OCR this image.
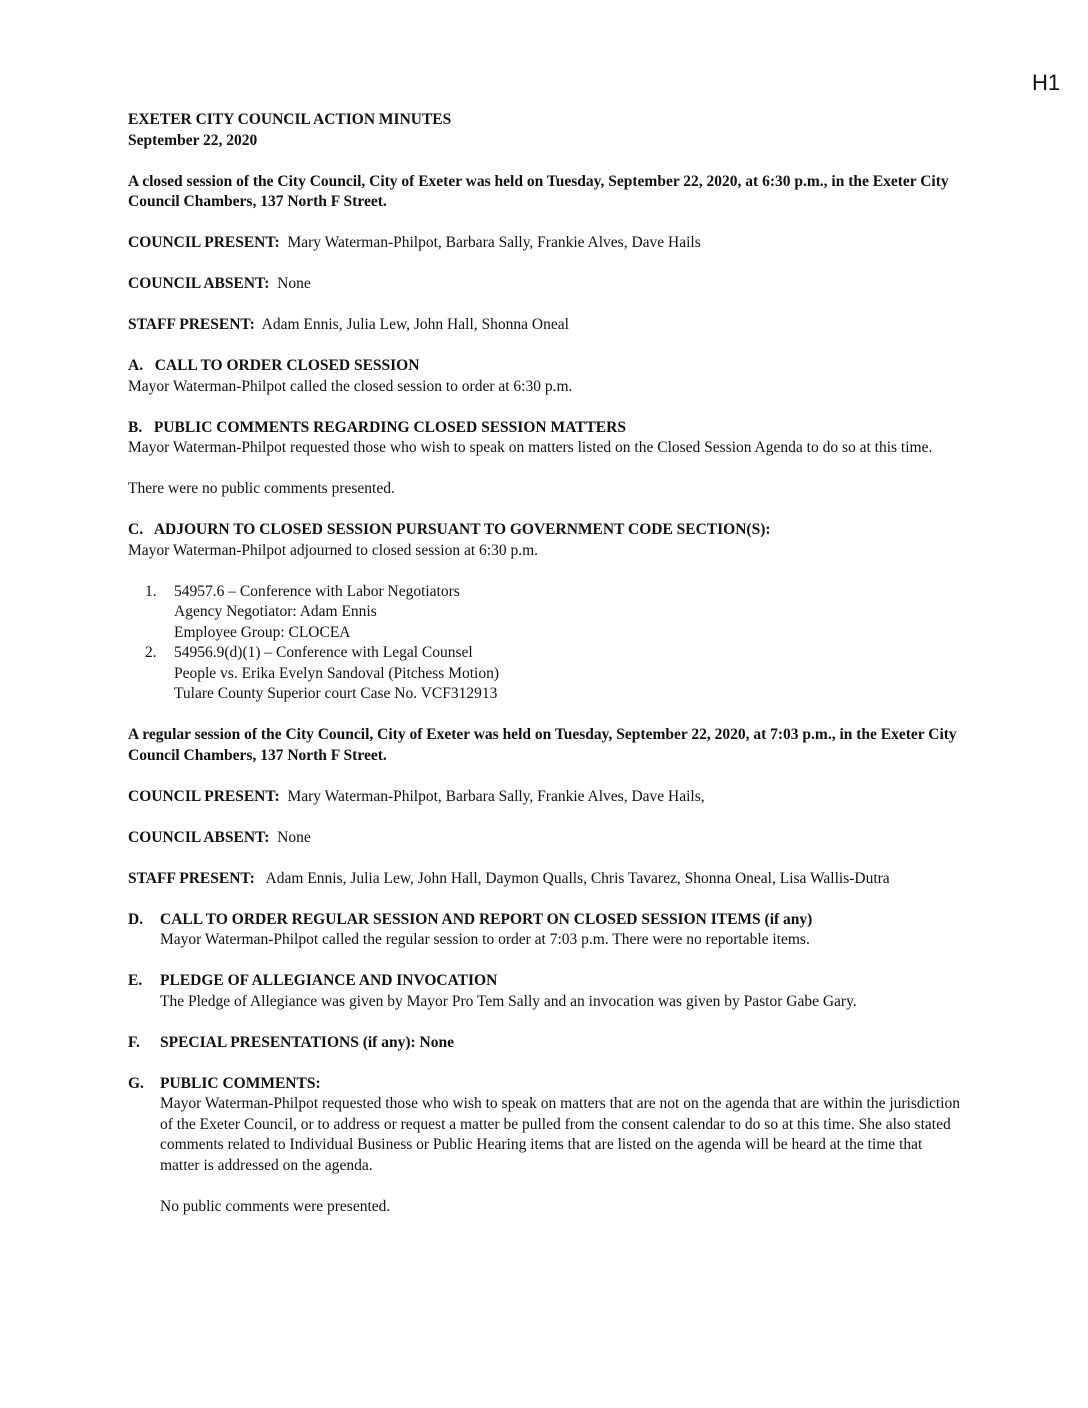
H1

EXETER CITY COUNCIL ACTION MINUTES

September 22, 2020

A closed session of the City Council, City of Exeter was held on Tuesday, September 22, 2020, at 6:30 p.m., in the Exeter City Council Chambers, 137 North F Street.

COUNCIL PRESENT: Mary Waterman-Philpot, Barbara Sally, Frankie Alves, Dave Hails

COUNCIL ABSENT: None

STAFF PRESENT: Adam Ennis, Julia Lew, John Hall, Shonna Oneal

A.   CALL TO ORDER CLOSED SESSION

Mayor Waterman-Philpot called the closed session to order at 6:30 p.m.

B.   PUBLIC COMMENTS REGARDING CLOSED SESSION MATTERS

Mayor Waterman-Philpot requested those who wish to speak on matters listed on the Closed Session Agenda to do so at this time.

There were no public comments presented.

C.   ADJOURN TO CLOSED SESSION PURSUANT TO GOVERNMENT CODE SECTION(S):

Mayor Waterman-Philpot adjourned to closed session at 6:30 p.m.

1.	54957.6 – Conference with Labor Negotiators

Agency Negotiator: Adam Ennis

Employee Group: CLOCEA

2.	54956.9(d)(1) – Conference with Legal Counsel

People vs. Erika Evelyn Sandoval (Pitchess Motion)

Tulare County Superior court Case No. VCF312913

A regular session of the City Council, City of Exeter was held on Tuesday, September 22, 2020, at 7:03 p.m., in the Exeter City Council Chambers, 137 North F Street.

COUNCIL PRESENT: Mary Waterman-Philpot, Barbara Sally, Frankie Alves, Dave Hails,

COUNCIL ABSENT: None

STAFF PRESENT: Adam Ennis, Julia Lew, John Hall, Daymon Qualls, Chris Tavarez, Shonna Oneal, Lisa Wallis-Dutra

D.	CALL TO ORDER REGULAR SESSION AND REPORT ON CLOSED SESSION ITEMS (if any)

Mayor Waterman-Philpot called the regular session to order at 7:03 p.m. There were no reportable items.

E.	PLEDGE OF ALLEGIANCE AND INVOCATION

The Pledge of Allegiance was given by Mayor Pro Tem Sally and an invocation was given by Pastor Gabe Gary.

F.	SPECIAL PRESENTATIONS (if any): None

G.	PUBLIC COMMENTS:

Mayor Waterman-Philpot requested those who wish to speak on matters that are not on the agenda that are within the jurisdiction of the Exeter Council, or to address or request a matter be pulled from the consent calendar to do so at this time. She also stated comments related to Individual Business or Public Hearing items that are listed on the agenda will be heard at the time that matter is addressed on the agenda.

No public comments were presented.
